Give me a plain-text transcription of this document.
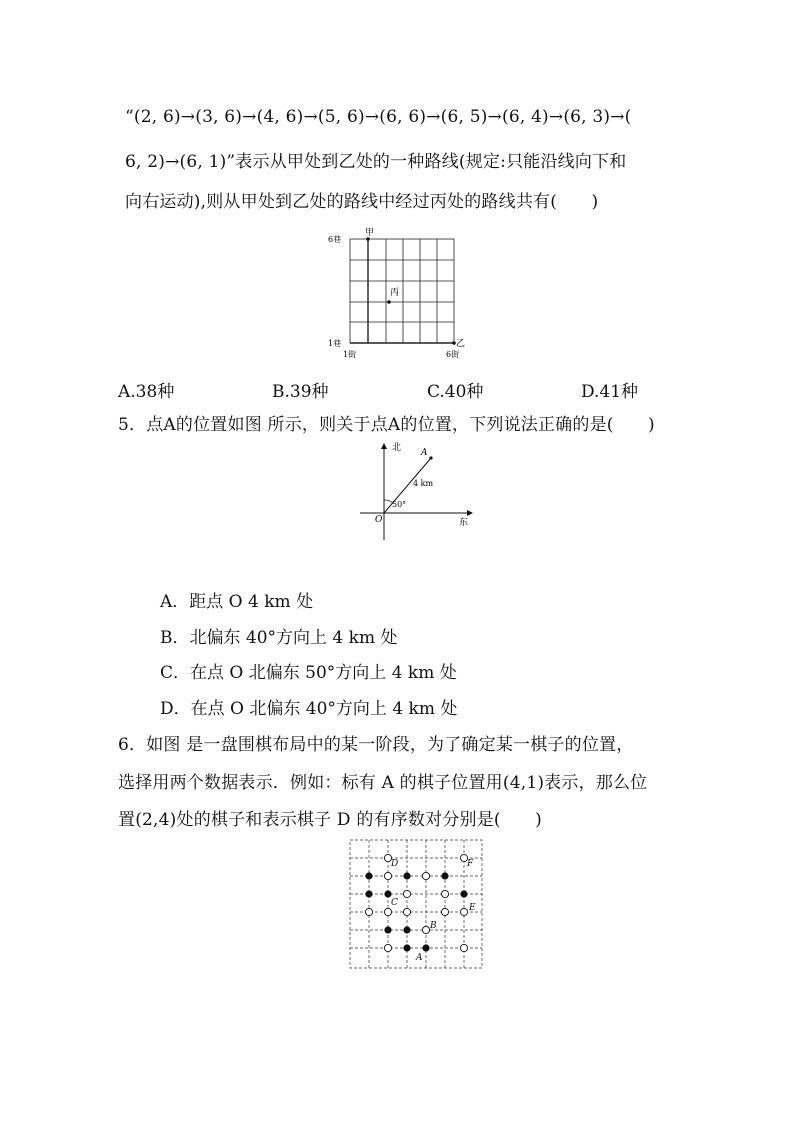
“(2, 6)→(3, 6)→(4, 6)→(5, 6)→(6, 6)→(6, 5)→(6, 4)→(6, 3)→(
6, 2)→(6, 1)”表示从甲处到乙处的一种路线(规定:只能沿线向下和
向右运动),则从甲处到乙处的路线中经过丙处的路线共有(　　)
甲
丙
乙
6巷
1巷
1街	6街
A.38种	B.39种	C.40种	D.41种
5．点A的位置如图 所示，则关于点A的位置，下列说法正确的是(　　)
北
东
O
A
4 km
50°
A．距点 O 4 km 处
B．北偏东 40°方向上 4 km 处
C．在点 O 北偏东 50°方向上 4 km 处
D．在点 O 北偏东 40°方向上 4 km 处
6．如图 是一盘围棋布局中的某一阶段，为了确定某一棋子的位置，
选择用两个数据表示．例如：标有 A 的棋子位置用(4,1)表示，那么位
置(2,4)处的棋子和表示棋子 D 的有序数对分别是(　　)
D	F
C	E
B
A
